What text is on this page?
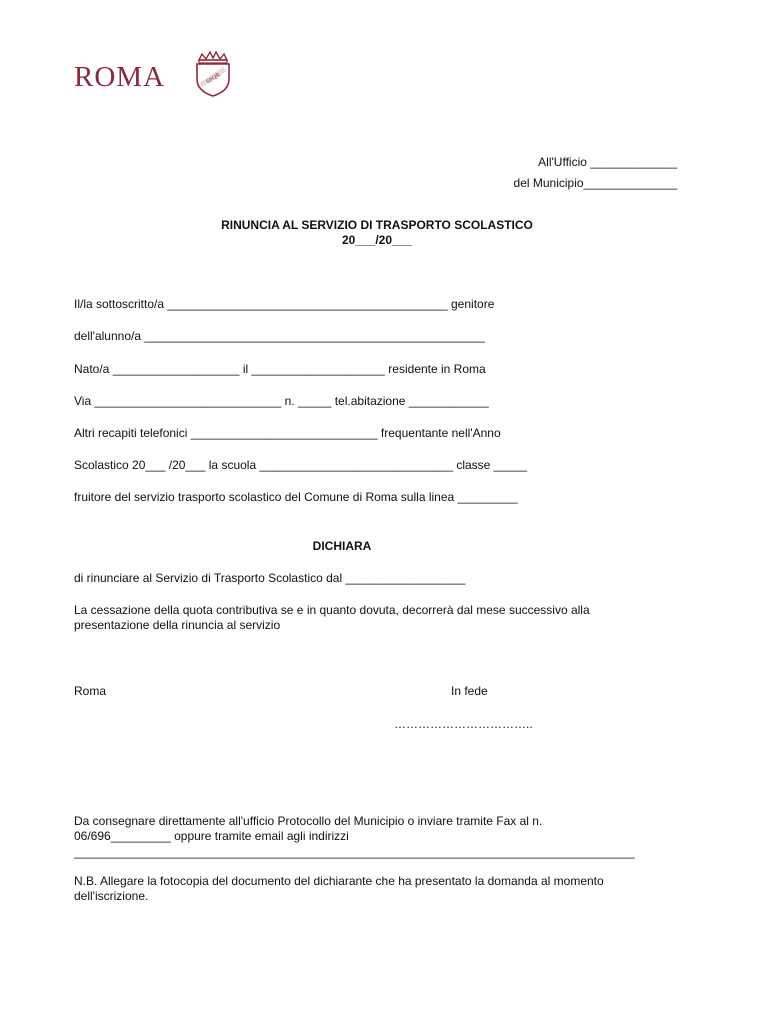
ROMA	SPQR
All'Ufficio _____________
del Municipio______________
RINUNCIA AL SERVIZIO DI TRASPORTO SCOLASTICO
20___/20___
Il/la sottoscritto/a __________________________________________ genitore
dell'alunno/a ___________________________________________________
Nato/a ___________________ il ____________________ residente in Roma
Via ____________________________ n. _____ tel.abitazione ____________
Altri recapiti telefonici ____________________________ frequentante nell'Anno
Scolastico 20___ /20___ la scuola _____________________________ classe _____
fruitore del servizio trasporto scolastico del Comune di Roma sulla linea _________
DICHIARA
di rinunciare al Servizio di Trasporto Scolastico dal __________________
La cessazione della quota contributiva se e in quanto dovuta, decorrerà dal mese successivo alla
presentazione della rinuncia al servizio
Roma	In fede
……………………………..
Da consegnare direttamente all'ufficio Protocollo del Municipio o inviare tramite Fax al n.
06/696_________ oppure tramite email agli indirizzi
____________________________________________________________________________________
N.B. Allegare la fotocopia del documento del dichiarante che ha presentato la domanda al momento
dell'iscrizione.
